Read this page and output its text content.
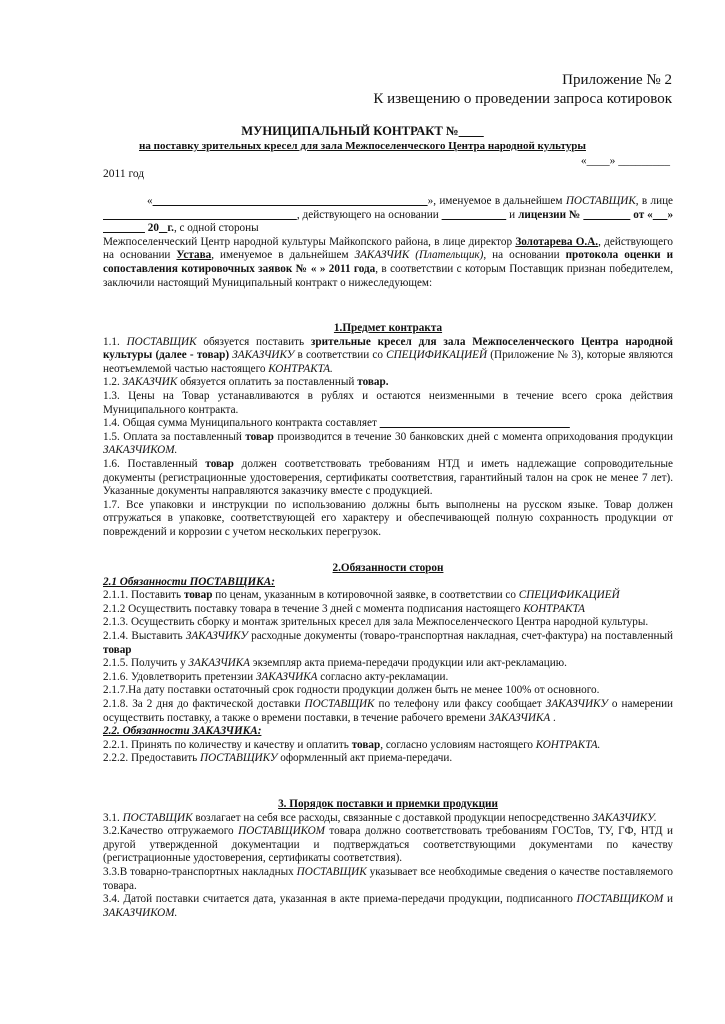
Приложение № 2
К извещению о проведении запроса котировок
МУНИЦИПАЛЬНЫЙ КОНТРАКТ №
на поставку зрительных кресел для зала Межпоселенческого Центра народной культуры
«____» _________
2011 год
«	», именуемое в дальнейшем ПОСТАВЩИК, в лице                                                                   , действующего на основании	и лицензии №	от « »                 20 г., с одной стороны
Межпоселенческий Центр народной культуры Майкопского района, в лице директор Золотарева О.А., действующего на основании Устава, именуемое в дальнейшем ЗАКАЗЧИК (Плательщик), на основании протокола оценки и сопоставления котировочных заявок № « » 2011 года, в соответствии с которым Поставщик признан победителем, заключили настоящий Муниципальный контракт о нижеследующем:
1.Предмет контракта
1.1. ПОСТАВЩИК обязуется поставить зрительные кресел для зала Межпоселенческого Центра народной культуры (далее - товар) ЗАКАЗЧИКУ в соответствии со СПЕЦИФИКАЦИЕЙ (Приложение № 3), которые являются неотъемлемой частью настоящего КОНТРАКТА.
1.2. ЗАКАЗЧИК обязуется оплатить за поставленный товар.
1.3. Цены на Товар устанавливаются в рублях и остаются неизменными в течение всего срока действия Муниципального контракта.
1.4. Общая сумма Муниципального контракта составляет
1.5. Оплата за поставленный товар производится в течение 30 банковских дней с момента оприходования продукции ЗАКАЗЧИКОМ.
1.6. Поставленный товар должен соответствовать требованиям НТД и иметь надлежащие сопроводительные документы (регистрационные удостоверения, сертификаты соответствия, гарантийный талон на срок не менее 7 лет). Указанные документы направляются заказчику вместе с продукцией.
1.7. Все упаковки и инструкции по использованию должны быть выполнены на русском языке. Товар должен отгружаться в упаковке, соответствующей его характеру и обеспечивающей полную сохранность продукции от повреждений и коррозии с учетом нескольких перегрузок.
2.Обязанности сторон
2.1 Обязанности ПОСТАВЩИКА:
2.1.1. Поставить товар по ценам, указанным в котировочной заявке, в соответствии со СПЕЦИФИКАЦИЕЙ
2.1.2 Осуществить поставку товара в течение 3 дней с момента подписания настоящего КОНТРАКТА
2.1.3. Осуществить сборку и монтаж зрительных кресел для зала Межпоселенческого Центра народной культуры.
2.1.4. Выставить ЗАКАЗЧИКУ расходные документы (товаро-транспортная накладная, счет-фактура) на поставленный товар
2.1.5. Получить у ЗАКАЗЧИКА экземпляр акта приема-передачи продукции или акт-рекламацию.
2.1.6. Удовлетворить претензии ЗАКАЗЧИКА согласно акту-рекламации.
2.1.7.На дату поставки остаточный срок годности продукции должен быть не менее 100% от основного.
2.1.8. За 2 дня до фактической доставки ПОСТАВЩИК по телефону или факсу сообщает ЗАКАЗЧИКУ о намерении осуществить поставку, а также о времени поставки, в течение рабочего времени ЗАКАЗЧИКА .
2.2. Обязанности ЗАКАЗЧИКА:
2.2.1. Принять по количеству и качеству и оплатить товар, согласно условиям настоящего КОНТРАКТА.
2.2.2. Предоставить ПОСТАВЩИКУ оформленный акт приема-передачи.
3. Порядок поставки и приемки продукции
3.1. ПОСТАВЩИК возлагает на себя все расходы, связанные с доставкой продукции непосредственно ЗАКАЗЧИКУ.
3.2.Качество отгружаемого ПОСТАВЩИКОМ товара должно соответствовать требованиям ГОСТов, ТУ, ГФ, НТД и другой утвержденной документации и подтверждаться соответствующими документами по качеству (регистрационные удостоверения, сертификаты соответствия).
3.3.В товарно-транспортных накладных ПОСТАВЩИК указывает все необходимые сведения о качестве поставляемого товара.
3.4. Датой поставки считается дата, указанная в акте приема-передачи продукции, подписанного ПОСТАВЩИКОМ и ЗАКАЗЧИКОМ.
